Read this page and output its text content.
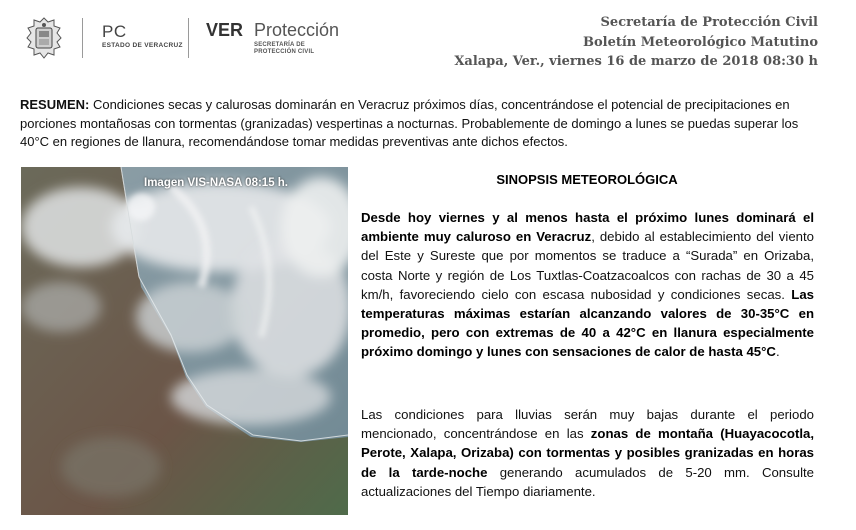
PC
ESTADO DE VERACRUZ
VER Protección
SECRETARÍA DE
PROTECCIÓN CIVIL
Secretaría de Protección Civil
Boletín Meteorológico Matutino
Xalapa, Ver., viernes 16 de marzo de 2018 08:30 h
RESUMEN: Condiciones secas y calurosas dominarán en Veracruz próximos días, concentrándose el potencial de precipitaciones en porciones montañosas con tormentas (granizadas) vespertinas a nocturnas. Probablemente de domingo a lunes se puedas superar los 40°C en regiones de llanura, recomendándose tomar medidas preventivas ante dichos efectos.
Imagen VIS-NASA 08:15 h.	SINOPSIS METEOROLÓGICA
Desde hoy viernes y al menos hasta el próximo lunes dominará el ambiente muy caluroso en Veracruz, debido al establecimiento del viento del Este y Sureste que por momentos se traduce a “Surada” en Orizaba, costa Norte y región de Los Tuxtlas-Coatzacoalcos con rachas de 30 a 45 km/h, favoreciendo cielo con escasa nubosidad y condiciones secas. Las temperaturas máximas estarían alcanzando valores de 30-35°C en promedio, pero con extremas de 40 a 42°C en llanura especialmente próximo domingo y lunes con sensaciones de calor de hasta 45°C.
Las condiciones para lluvias serán muy bajas durante el periodo mencionado, concentrándose en las zonas de montaña (Huayacocotla, Perote, Xalapa, Orizaba) con tormentas y posibles granizadas en horas de la tarde-noche generando acumulados de 5-20 mm. Consulte actualizaciones del Tiempo diariamente.
